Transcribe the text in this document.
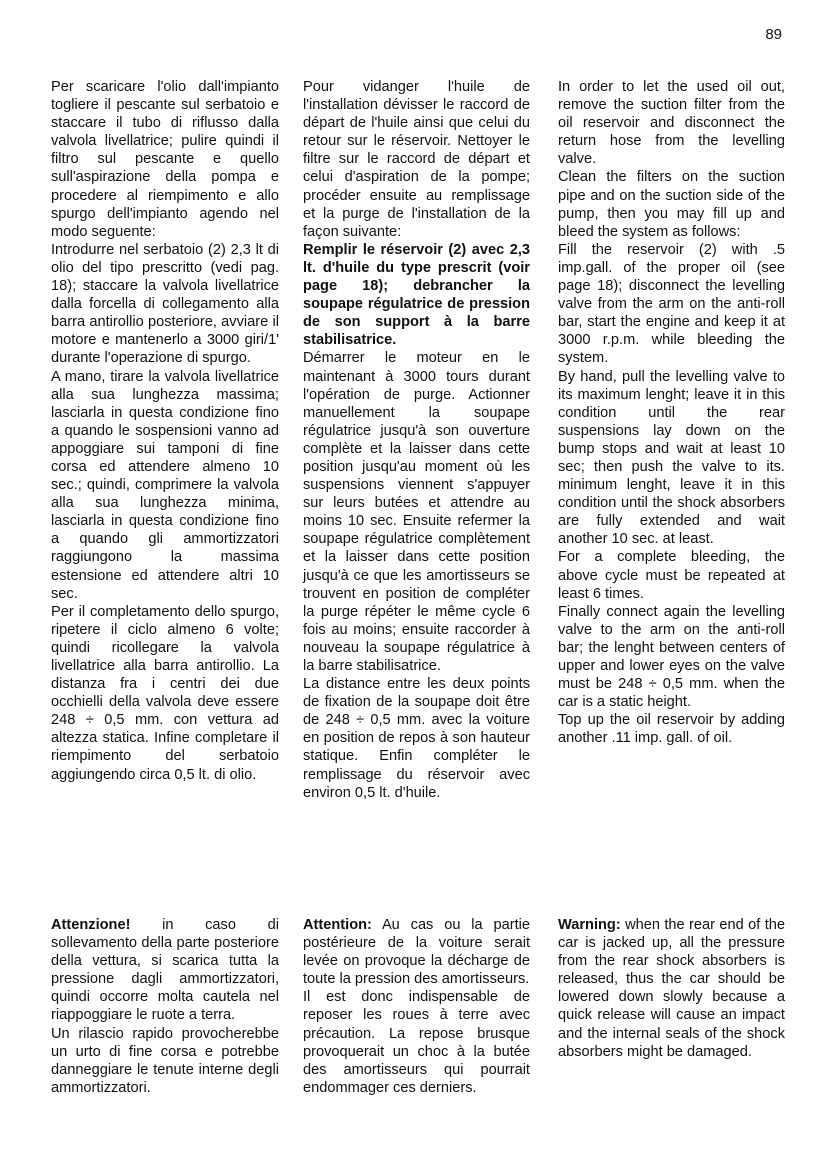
89

Per scaricare l'olio dall'impianto togliere il pescante sul serbatoio e staccare il tubo di riflusso dalla valvola livellatrice; pulire quindi il filtro sul pescante e quello sull'aspirazione della pompa e procedere al riempimento e allo spurgo dell'impianto agendo nel modo seguente:

Introdurre nel serbatoio (2) 2,3 lt di olio del tipo prescritto (vedi pag. 18); staccare la valvola livellatrice dalla forcella di collegamento alla barra antirollio posteriore, avviare il motore e mantenerlo a 3000 giri/1' durante l'operazione di spurgo.

A mano, tirare la valvola livellatrice alla sua lunghezza massima; lasciarla in questa condizione fino a quando le sospensioni vanno ad appoggiare sui tamponi di fine corsa ed attendere almeno 10 sec.; quindi, comprimere la valvola alla sua lunghezza minima, lasciarla in questa condizione fino a quando gli ammortizzatori raggiungono la massima estensione ed attendere altri 10 sec.

Per il completamento dello spurgo, ripetere il ciclo almeno 6 volte; quindi ricollegare la valvola livellatrice alla barra antirollio. La distanza fra i centri dei due occhielli della valvola deve essere 248 ÷ 0,5 mm. con vettura ad altezza statica. Infine completare il riempimento del serbatoio aggiungendo circa 0,5 lt. di olio.

Pour vidanger l'huile de l'installation dévisser le raccord de départ de l'huile ainsi que celui du retour sur le réservoir. Nettoyer le filtre sur le raccord de départ et celui d'aspiration de la pompe; procéder ensuite au remplissage et la purge de l'installation de la façon suivante:

Remplir le réservoir (2) avec 2,3 lt. d'huile du type prescrit (voir page 18); debrancher la soupape régulatrice de pression de son support à la barre stabilisatrice.

Démarrer le moteur en le maintenant à 3000 tours durant l'opération de purge. Actionner manuellement la soupape régulatrice jusqu'à son ouverture complète et la laisser dans cette position jusqu'au moment où les suspensions viennent s'appuyer sur leurs butées et attendre au moins 10 sec. Ensuite refermer la soupape régulatrice complètement et la laisser dans cette position jusqu'à ce que les amortisseurs se trouvent en position de compléter la purge répéter le même cycle 6 fois au moins; ensuite raccorder à nouveau la soupape régulatrice à la barre stabilisatrice.

La distance entre les deux points de fixation de la soupape doit être de 248 ÷ 0,5 mm. avec la voiture en position de repos à son hauteur statique. Enfin compléter le remplissage du réservoir avec environ 0,5 lt. d'huile.

In order to let the used oil out, remove the suction filter from the oil reservoir and disconnect the return hose from the levelling valve.

Clean the filters on the suction pipe and on the suction side of the pump, then you may fill up and bleed the system as follows:

Fill the reservoir (2) with .5 imp.gall. of the proper oil (see page 18); disconnect the levelling valve from the arm on the anti-roll bar, start the engine and keep it at 3000 r.p.m. while bleeding the system.

By hand, pull the levelling valve to its maximum lenght; leave it in this condition until the rear suspensions lay down on the bump stops and wait at least 10 sec; then push the valve to its. minimum lenght, leave it in this condition until the shock absorbers are fully extended and wait another 10 sec. at least.

For a complete bleeding, the above cycle must be repeated at least 6 times.

Finally connect again the levelling valve to the arm on the anti-roll bar; the lenght between centers of upper and lower eyes on the valve must be 248 ÷ 0,5 mm. when the car is a static height.

Top up the oil reservoir by adding another .11 imp. gall. of oil.

Attenzione! in caso di sollevamento della parte posteriore della vettura, si scarica tutta la pressione dagli ammortizzatori, quindi occorre molta cautela nel riappoggiare le ruote a terra.

Un rilascio rapido provocherebbe un urto di fine corsa e potrebbe danneggiare le tenute interne degli ammortizzatori.

Attention: Au cas ou la partie postérieure de la voiture serait levée on provoque la décharge de toute la pression des amortisseurs.

Il est donc indispensable de reposer les roues à terre avec précaution. La repose brusque provoquerait un choc à la butée des amortisseurs qui pourrait endommager ces derniers.

Warning: when the rear end of the car is jacked up, all the pressure from the rear shock absorbers is released, thus the car should be lowered down slowly because a quick release will cause an impact and the internal seals of the shock absorbers might be damaged.
